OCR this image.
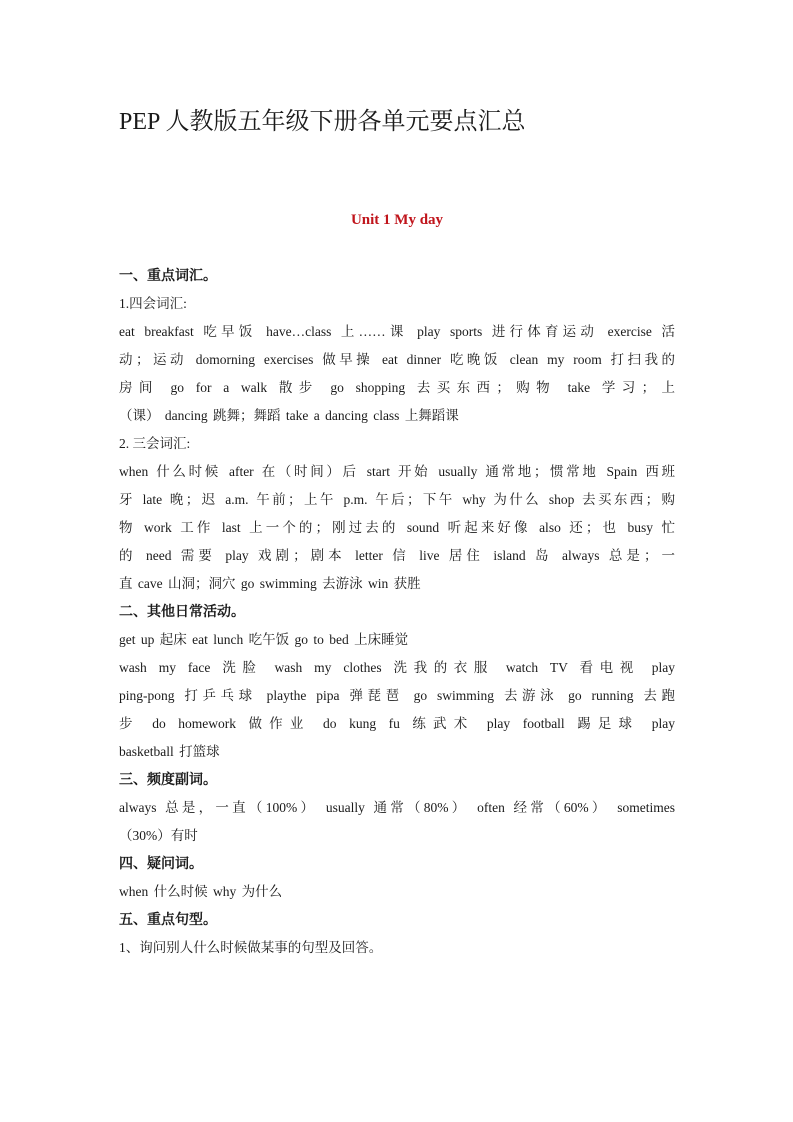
PEP 人教版五年级下册各单元要点汇总
Unit 1 My day
一、重点词汇。
1.四会词汇:
eat breakfast 吃早饭 have…class 上……课 play sports 进行体育运动 exercise 活
动；运动 domorning exercises 做早操 eat dinner 吃晚饭 clean my room 打扫我的
房间 go for a walk 散步 go shopping 去买东西；购物 take 学习；上
（课） dancing 跳舞；舞蹈 take a dancing class 上舞蹈课
2. 三会词汇:
when 什么时候 after 在（时间）后 start 开始 usually 通常地；惯常地 Spain 西班
牙 late 晚；迟 a.m. 午前；上午 p.m. 午后；下午 why 为什么 shop 去买东西；购
物 work 工作 last 上一个的；刚过去的 sound 听起来好像 also 还；也 busy 忙
的 need 需要 play 戏剧；剧本 letter 信 live 居住 island 岛 always 总是；一
直 cave 山洞；洞穴 go swimming 去游泳 win 获胜
二、其他日常活动。
get up 起床 eat lunch 吃午饭 go to bed 上床睡觉
wash my face 洗脸 wash my clothes 洗我的衣服 watch TV 看电视 play
ping-pong 打乒乓球 playthe pipa 弹琵琶 go swimming 去游泳 go running 去跑
步 do homework 做作业 do kung fu 练武术 play football 踢足球 play
basketball 打篮球
三、频度副词。
always 总是，一直（100%） usually 通常（80%） often 经常（60%） sometimes
（30%）有时
四、疑问词。
when 什么时候 why 为什么
五、重点句型。
1、询问别人什么时候做某事的句型及回答。
